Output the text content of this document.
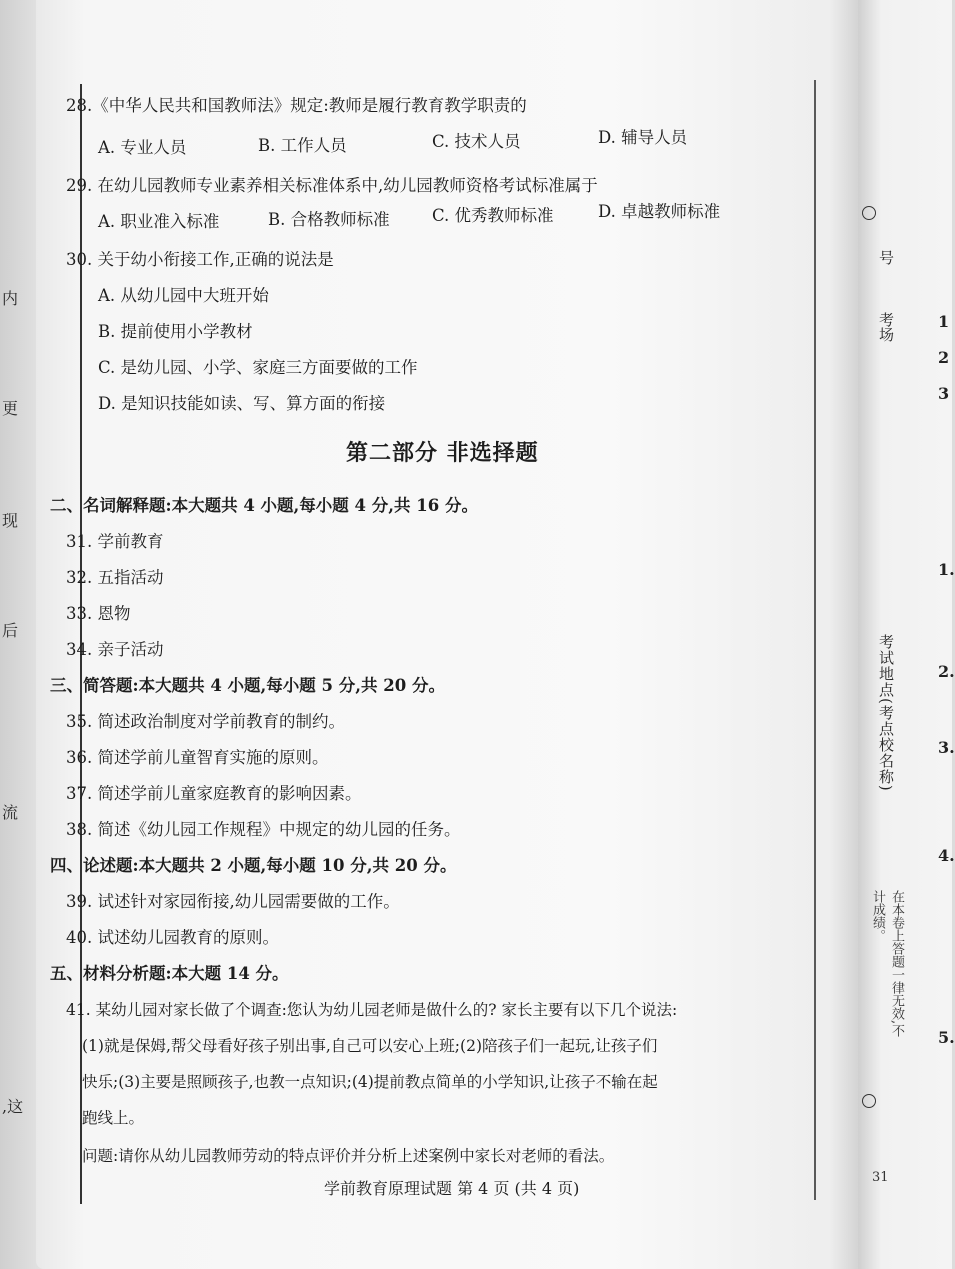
内
更
现
后
流
,这
28.《中华人民共和国教师法》规定:教师是履行教育教学职责的
A. 专业人员	B. 工作人员	C. 技术人员	D. 辅导人员
29. 在幼儿园教师专业素养相关标准体系中,幼儿园教师资格考试标准属于
A. 职业准入标准	B. 合格教师标准	C. 优秀教师标准	D. 卓越教师标准
30. 关于幼小衔接工作,正确的说法是
A. 从幼儿园中大班开始
B. 提前使用小学教材
C. 是幼儿园、小学、家庭三方面要做的工作
D. 是知识技能如读、写、算方面的衔接
第二部分 非选择题
二、名词解释题:本大题共 4 小题,每小题 4 分,共 16 分。
31. 学前教育
32. 五指活动
33. 恩物
34. 亲子活动
三、简答题:本大题共 4 小题,每小题 5 分,共 20 分。
35. 简述政治制度对学前教育的制约。
36. 简述学前儿童智育实施的原则。
37. 简述学前儿童家庭教育的影响因素。
38. 简述《幼儿园工作规程》中规定的幼儿园的任务。
四、论述题:本大题共 2 小题,每小题 10 分,共 20 分。
39. 试述针对家园衔接,幼儿园需要做的工作。
40. 试述幼儿园教育的原则。
五、材料分析题:本大题 14 分。
41. 某幼儿园对家长做了个调查:您认为幼儿园老师是做什么的? 家长主要有以下几个说法:
(1)就是保姆,帮父母看好孩子别出事,自己可以安心上班;(2)陪孩子们一起玩,让孩子们
快乐;(3)主要是照顾孩子,也教一点知识;(4)提前教点简单的小学知识,让孩子不输在起
跑线上。
问题:请你从幼儿园教师劳动的特点评价并分析上述案例中家长对老师的看法。
学前教育原理试题 第 4 页 (共 4 页)
1
2
3
1.
2.
3.
4.
5.
考试地点(考点校名称)
考场
号
在本卷上答题一律无效,不计成绩。
31
